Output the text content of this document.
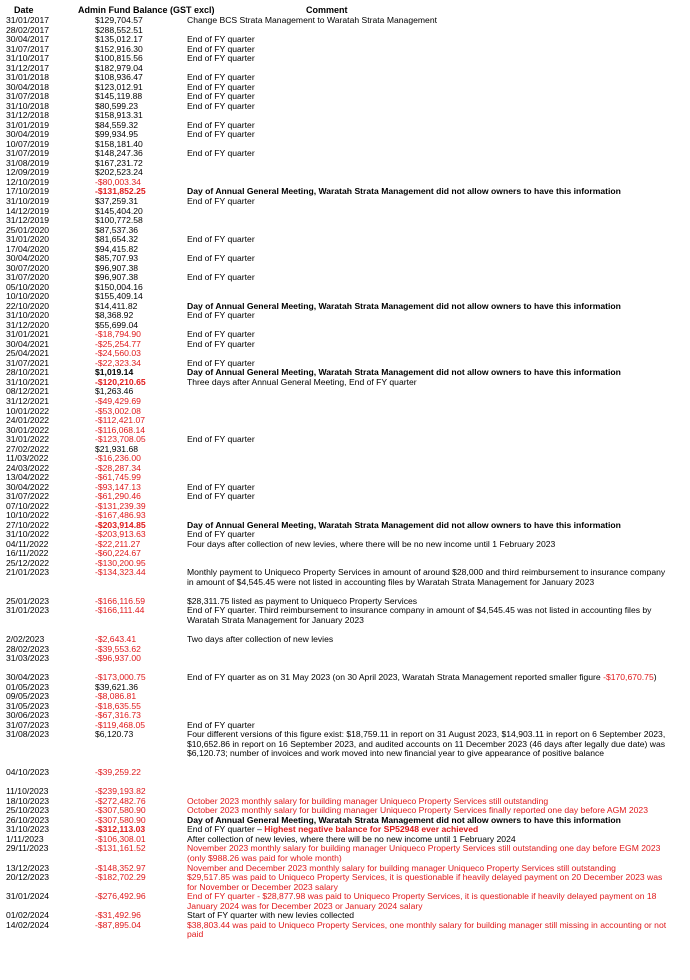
Date	Admin Fund Balance (GST excl)	Comment
31/01/2017	$129,704.57	Change BCS Strata Management to Waratah Strata Management
28/02/2017	$288,552.51
30/04/2017	$135,012.17	End of FY quarter
31/07/2017	$152,916.30	End of FY quarter
31/10/2017	$100,815.56	End of FY quarter
31/12/2017	$182,979.04
31/01/2018	$108,936.47	End of FY quarter
30/04/2018	$123,012.91	End of FY quarter
31/07/2018	$145,119.88	End of FY quarter
31/10/2018	$80,599.23	End of FY quarter
31/12/2018	$158,913.31
31/01/2019	$84,559.32	End of FY quarter
30/04/2019	$99,934.95	End of FY quarter
10/07/2019	$158,181.40
31/07/2019	$148,247.36	End of FY quarter
31/08/2019	$167,231.72
12/09/2019	$202,523.24
12/10/2019	-$80,003.34
17/10/2019	-$131,852.25	Day of Annual General Meeting, Waratah Strata Management did not allow owners to have this information
31/10/2019	$37,259.31	End of FY quarter
14/12/2019	$145,404.20
31/12/2019	$100,772.58
25/01/2020	$87,537.36
31/01/2020	$81,654.32	End of FY quarter
17/04/2020	$94,415.82
30/04/2020	$85,707.93	End of FY quarter
30/07/2020	$96,907.38
31/07/2020	$96,907.38	End of FY quarter
05/10/2020	$150,004.16
10/10/2020	$155,409.14
22/10/2020	$14,411.82	Day of Annual General Meeting, Waratah Strata Management did not allow owners to have this information
31/10/2020	$8,368.92	End of FY quarter
31/12/2020	$55,699.04
31/01/2021	-$18,794.90	End of FY quarter
30/04/2021	-$25,254.77	End of FY quarter
25/04/2021	-$24,560.03
31/07/2021	-$22,323.34	End of FY quarter
28/10/2021	$1,019.14	Day of Annual General Meeting, Waratah Strata Management did not allow owners to have this information
31/10/2021	-$120,210.65	Three days after Annual General Meeting, End of FY quarter
08/12/2021	$1,263.46
31/12/2021	-$49,429.69
10/01/2022	-$53,002.08
24/01/2022	-$112,421.07
30/01/2022	-$116,068.14
31/01/2022	-$123,708.05	End of FY quarter
27/02/2022	$21,931.68
11/03/2022	-$16,236.00
24/03/2022	-$28,287.34
13/04/2022	-$61,745.99
30/04/2022	-$93,147.13	End of FY quarter
31/07/2022	-$61,290.46	End of FY quarter
07/10/2022	-$131,239.39
10/10/2022	-$167,486.93
27/10/2022	-$203,914.85	Day of Annual General Meeting, Waratah Strata Management did not allow owners to have this information
31/10/2022	-$203,913.63	End of FY quarter
04/11/2022	-$22,211.27	Four days after collection of new levies, where there will be no new income until 1 February 2023
16/11/2022	-$60,224.67
25/12/2022	-$130,200.95
21/01/2023	-$134,323.44	Monthly payment to Uniqueco Property Services in amount of around $28,000 and third reimbursement to insurance company in amount of $4,545.45 were not listed in accounting files by Waratah Strata Management for January 2023
25/01/2023	-$166,116.59	$28,311.75 listed as payment to Uniqueco Property Services
31/01/2023	-$166,111.44	End of FY quarter. Third reimbursement to insurance company in amount of $4,545.45 was not listed in accounting files by Waratah Strata Management for January 2023
2/02/2023	-$2,643.41	Two days after collection of new levies
28/02/2023	-$39,553.62
31/03/2023	-$96,937.00
30/04/2023	-$173,000.75	End of FY quarter as on 31 May 2023 (on 30 April 2023, Waratah Strata Management reported smaller figure -$170,670.75)
01/05/2023	$39,621.36
09/05/2023	-$8,086.81
31/05/2023	-$18,635.55
30/06/2023	-$67,316.73
31/07/2023	-$119,468.05	End of FY quarter
31/08/2023	$6,120.73	Four different versions of this figure exist: $18,759.11 in report on 31 August 2023, $14,903.11 in report on 6 September 2023, $10,652.86 in report on 16 September 2023, and audited accounts on 11 December 2023 (46 days after legally due date) was $6,120.73; number of invoices and work moved into new financial year to give appearance of positive balance
04/10/2023	-$39,259.22
11/10/2023	-$239,193.82
18/10/2023	-$272,482.76	October 2023 monthly salary for building manager Uniqueco Property Services still outstanding
25/10/2023	-$307,580.90	October 2023 monthly salary for building manager Uniqueco Property Services finally reported one day before AGM 2023
26/10/2023	-$307,580.90	Day of Annual General Meeting, Waratah Strata Management did not allow owners to have this information
31/10/2023	-$312,113.03	End of FY quarter – Highest negative balance for SP52948 ever achieved
1/11/2023	-$106,308.01	After collection of new levies, where there will be no new income until 1 February 2024
29/11/2023	-$131,161.52	November 2023 monthly salary for building manager Uniqueco Property Services still outstanding one day before EGM 2023 (only $988.26 was paid for whole month)
13/12/2023	-$148,352.97	November and December 2023 monthly salary for building manager Uniqueco Property Services still outstanding
20/12/2023	-$182,702.29	$29,517.85 was paid to Uniqueco Property Services, it is questionable if heavily delayed payment on 20 December 2023 was for November or December 2023 salary
31/01/2024	-$276,492.96	End of FY quarter - $28,877.98 was paid to Uniqueco Property Services, it is questionable if heavily delayed payment on 18 January 2024 was for December 2023 or January 2024 salary
01/02/2024	-$31,492.96	Start of FY quarter with new levies collected
14/02/2024	-$87,895.04	$38,803.44 was paid to Uniqueco Property Services, one monthly salary for building manager still missing in accounting or not paid
